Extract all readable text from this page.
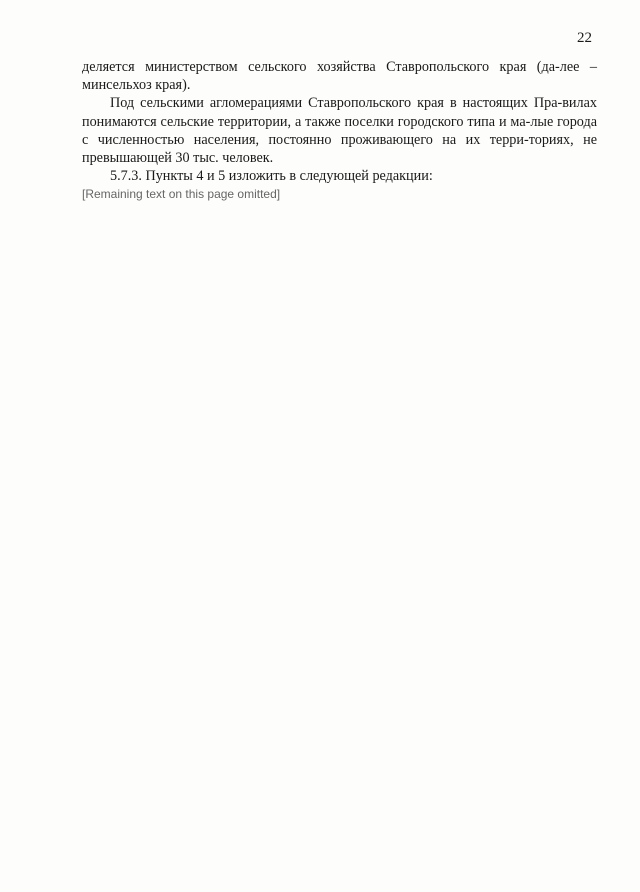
22

деляется министерством сельского хозяйства Ставропольского края (да-лее – минсельхоз края).

Под сельскими агломерациями Ставропольского края в настоящих Пра-вилах понимаются сельские территории, а также поселки городского типа и ма-лые города с численностью населения, постоянно проживающего на их терри-ториях, не превышающей 30 тыс. человек.

5.7.3. Пункты 4 и 5 изложить в следующей редакции:

[Remaining text on this page omitted]
